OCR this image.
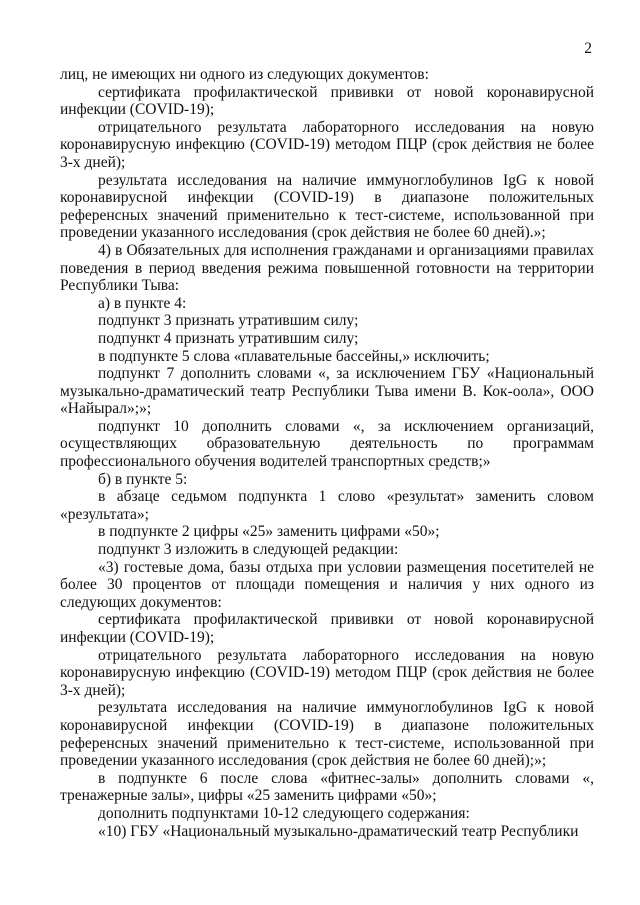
2

лиц, не имеющих ни одного из следующих документов:

сертификата профилактической прививки от новой коронавирусной инфекции (COVID-19);

отрицательного результата лабораторного исследования на новую коронавирусную инфекцию (COVID-19) методом ПЦР (срок действия не более 3-х дней);

результата исследования на наличие иммуноглобулинов IgG к новой коронавирусной инфекции (COVID-19) в диапазоне положительных референсных значений применительно к тест-системе, использованной при проведении указанного исследования (срок действия не более 60 дней).»;

4) в Обязательных для исполнения гражданами и организациями правилах поведения в период введения режима повышенной готовности на территории Республики Тыва:

а) в пункте 4:

подпункт 3 признать утратившим силу;

подпункт 4 признать утратившим силу;

в подпункте 5 слова «плавательные бассейны,» исключить;

подпункт 7 дополнить словами «, за исключением ГБУ «Национальный музыкально-драматический театр Республики Тыва имени В. Кок-оола», ООО «Найырал»;»;

подпункт 10 дополнить словами «, за исключением организаций, осуществляющих образовательную деятельность по программам профессионального обучения водителей транспортных средств;»

б) в пункте 5:

в абзаце седьмом подпункта 1 слово «результат» заменить словом «результата»;

в подпункте 2 цифры «25» заменить цифрами «50»;

подпункт 3 изложить в следующей редакции:

«3) гостевые дома, базы отдыха при условии размещения посетителей не более 30 процентов от площади помещения и наличия у них одного из следующих документов:

сертификата профилактической прививки от новой коронавирусной инфекции (COVID-19);

отрицательного результата лабораторного исследования на новую коронавирусную инфекцию (COVID-19) методом ПЦР (срок действия не более 3-х дней);

результата исследования на наличие иммуноглобулинов IgG к новой коронавирусной инфекции (COVID-19) в диапазоне положительных референсных значений применительно к тест-системе, использованной при проведении указанного исследования (срок действия не более 60 дней);»;

в подпункте 6 после слова «фитнес-залы» дополнить словами «, тренажерные залы», цифры «25 заменить цифрами «50»;

дополнить подпунктами 10-12 следующего содержания:

«10) ГБУ «Национальный музыкально-драматический театр Республики
